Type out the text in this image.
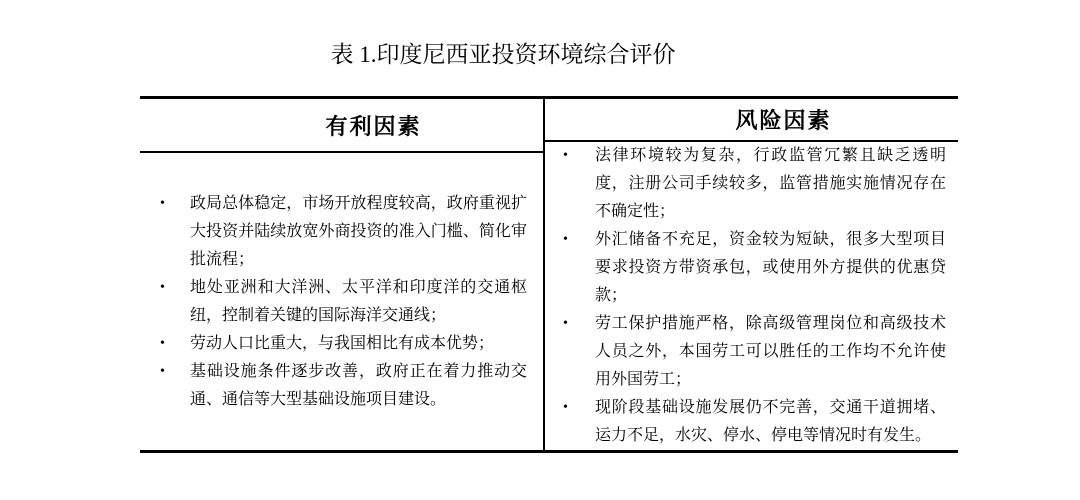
表 1.印度尼西亚投资环境综合评价
有利因素
•	政局总体稳定，市场开放程度较高，政府重视扩大投资并陆续放宽外商投资的准入门槛、简化审批流程；
•	地处亚洲和大洋洲、太平洋和印度洋的交通枢纽，控制着关键的国际海洋交通线；
•	劳动人口比重大，与我国相比有成本优势；
•	基础设施条件逐步改善，政府正在着力推动交通、通信等大型基础设施项目建设。
风险因素
•	法律环境较为复杂，行政监管冗繁且缺乏透明度，注册公司手续较多，监管措施实施情况存在不确定性；
•	外汇储备不充足，资金较为短缺，很多大型项目要求投资方带资承包，或使用外方提供的优惠贷款；
•	劳工保护措施严格，除高级管理岗位和高级技术人员之外，本国劳工可以胜任的工作均不允许使用外国劳工；
•	现阶段基础设施发展仍不完善，交通干道拥堵、运力不足，水灾、停水、停电等情况时有发生。
